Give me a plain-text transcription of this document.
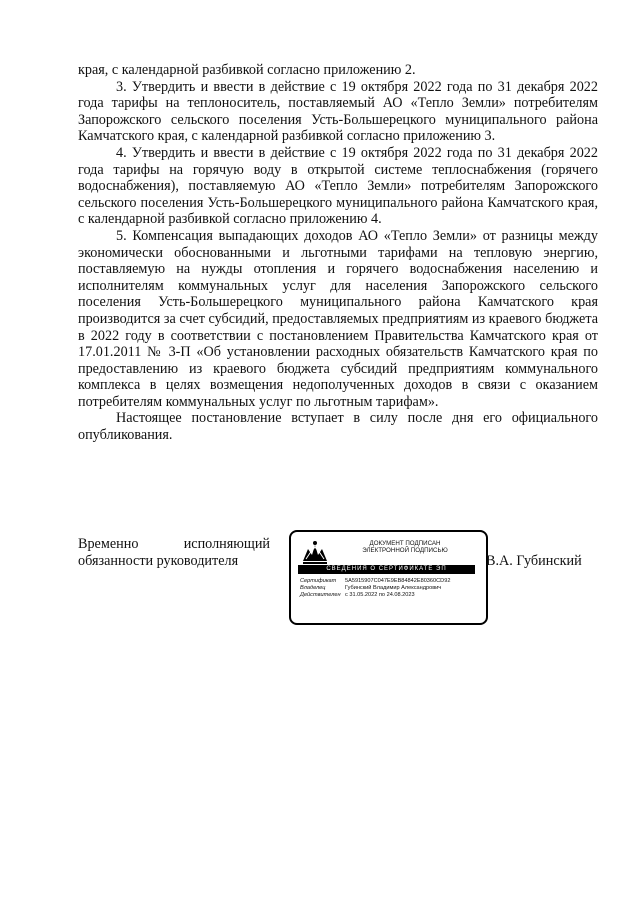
края, с календарной разбивкой согласно приложению 2.

3. Утвердить и ввести в действие с 19 октября 2022 года по 31 декабря 2022 года тарифы на теплоноситель, поставляемый АО «Тепло Земли» потребителям Запорожского сельского поселения Усть-Большерецкого муниципального района Камчатского края, с календарной разбивкой согласно приложению 3.

4. Утвердить и ввести в действие с 19 октября 2022 года по 31 декабря 2022 года тарифы на горячую воду в открытой системе теплоснабжения (горячего водоснабжения), поставляемую АО «Тепло Земли» потребителям Запорожского сельского поселения Усть-Большерецкого муниципального района Камчатского края, с календарной разбивкой согласно приложению 4.

5. Компенсация выпадающих доходов АО «Тепло Земли» от разницы между экономически обоснованными и льготными тарифами на тепловую энергию, поставляемую на нужды отопления и горячего водоснабжения населению и исполнителям коммунальных услуг для населения Запорожского сельского поселения Усть-Большерецкого муниципального района Камчатского края производится за счет субсидий, предоставляемых предприятиям из краевого бюджета в 2022 году в соответствии с постановлением Правительства Камчатского края от 17.01.2011 № 3-П «Об установлении расходных обязательств Камчатского края по предоставлению из краевого бюджета субсидий предприятиям коммунального комплекса в целях возмещения недополученных доходов в связи с оказанием потребителям коммунальных услуг по льготным тарифам».

Настоящее постановление вступает в силу после дня его официального опубликования.

Временно	исполняющий
обязанности руководителя
ДОКУМЕНТ ПОДПИСАН
ЭЛЕКТРОННОЙ ПОДПИСЬЮ
СВЕДЕНИЯ О СЕРТИФИКАТЕ ЭП
Сертификат	5A5915907C047E9EB84842E80360CD92
Владелец	Губинский Владимир Александрович
Действителен с 31.05.2022 по 24.08.2023
В.А. Губинский
